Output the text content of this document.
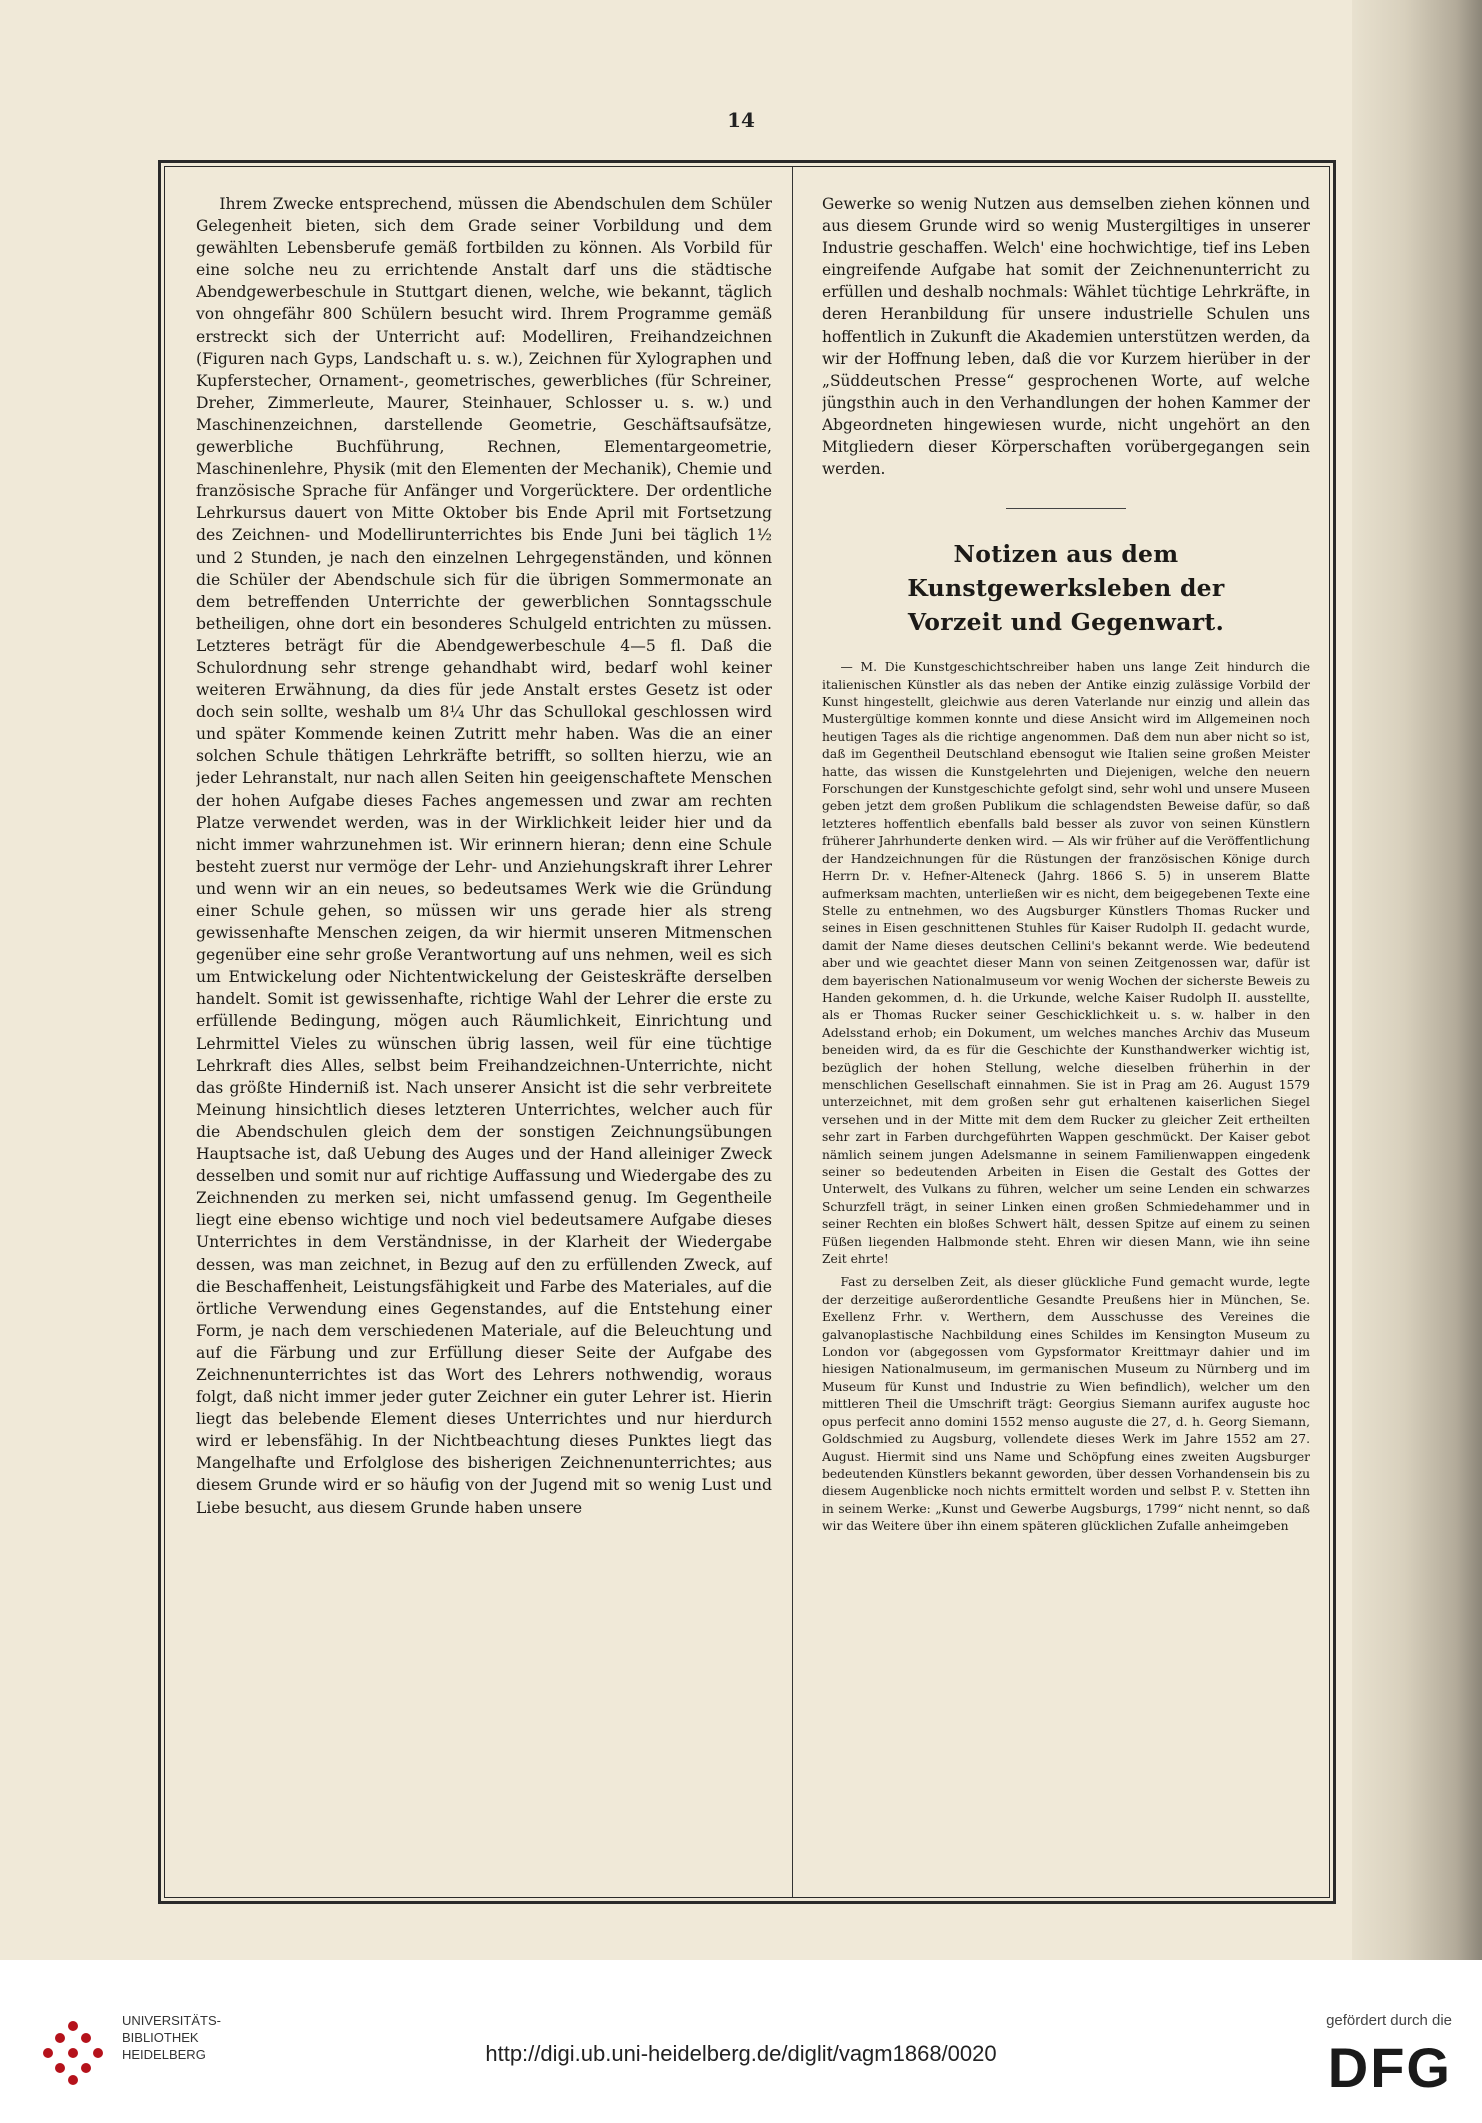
14

Ihrem Zwecke entsprechend, müssen die Abendschulen dem Schüler Gelegenheit bieten, sich dem Grade seiner Vorbildung und dem gewählten Lebensberufe gemäß fortbilden zu können. Als Vorbild für eine solche neu zu errichtende Anstalt darf uns die städtische Abendgewerbeschule in Stuttgart dienen, welche, wie bekannt, täglich von ohngefähr 800 Schülern besucht wird. Ihrem Programme gemäß erstreckt sich der Unterricht auf: Modelliren, Freihandzeichnen (Figuren nach Gyps, Landschaft u. s. w.), Zeichnen für Xylographen und Kupferstecher, Ornament-, geometrisches, gewerbliches (für Schreiner, Dreher, Zimmerleute, Maurer, Steinhauer, Schlosser u. s. w.) und Maschinenzeichnen, darstellende Geometrie, Geschäftsaufsätze, gewerbliche Buchführung, Rechnen, Elementargeometrie, Maschinenlehre, Physik (mit den Elementen der Mechanik), Chemie und französische Sprache für Anfänger und Vorgerücktere. Der ordentliche Lehrkursus dauert von Mitte Oktober bis Ende April mit Fortsetzung des Zeichnen- und Modellirunterrichtes bis Ende Juni bei täglich 1½ und 2 Stunden, je nach den einzelnen Lehrgegenständen, und können die Schüler der Abendschule sich für die übrigen Sommermonate an dem betreffenden Unterrichte der gewerblichen Sonntagsschule betheiligen, ohne dort ein besonderes Schulgeld entrichten zu müssen. Letzteres beträgt für die Abendgewerbeschule 4—5 fl. Daß die Schulordnung sehr strenge gehandhabt wird, bedarf wohl keiner weiteren Erwähnung, da dies für jede Anstalt erstes Gesetz ist oder doch sein sollte, weshalb um 8¼ Uhr das Schullokal geschlossen wird und später Kommende keinen Zutritt mehr haben. Was die an einer solchen Schule thätigen Lehrkräfte betrifft, so sollten hierzu, wie an jeder Lehranstalt, nur nach allen Seiten hin geeigenschaftete Menschen der hohen Aufgabe dieses Faches angemessen und zwar am rechten Platze verwendet werden, was in der Wirklichkeit leider hier und da nicht immer wahrzunehmen ist. Wir erinnern hieran; denn eine Schule besteht zuerst nur vermöge der Lehr- und Anziehungskraft ihrer Lehrer und wenn wir an ein neues, so bedeutsames Werk wie die Gründung einer Schule gehen, so müssen wir uns gerade hier als streng gewissenhafte Menschen zeigen, da wir hiermit unseren Mitmenschen gegenüber eine sehr große Verantwortung auf uns nehmen, weil es sich um Entwickelung oder Nichtentwickelung der Geisteskräfte derselben handelt. Somit ist gewissenhafte, richtige Wahl der Lehrer die erste zu erfüllende Bedingung, mögen auch Räumlichkeit, Einrichtung und Lehrmittel Vieles zu wünschen übrig lassen, weil für eine tüchtige Lehrkraft dies Alles, selbst beim Freihandzeichnen-Unterrichte, nicht das größte Hinderniß ist. Nach unserer Ansicht ist die sehr verbreitete Meinung hinsichtlich dieses letzteren Unterrichtes, welcher auch für die Abendschulen gleich dem der sonstigen Zeichnungsübungen Hauptsache ist, daß Uebung des Auges und der Hand alleiniger Zweck desselben und somit nur auf richtige Auffassung und Wiedergabe des zu Zeichnenden zu merken sei, nicht umfassend genug. Im Gegentheile liegt eine ebenso wichtige und noch viel bedeutsamere Aufgabe dieses Unterrichtes in dem Verständnisse, in der Klarheit der Wiedergabe dessen, was man zeichnet, in Bezug auf den zu erfüllenden Zweck, auf die Beschaffenheit, Leistungsfähigkeit und Farbe des Materiales, auf die örtliche Verwendung eines Gegenstandes, auf die Entstehung einer Form, je nach dem verschiedenen Materiale, auf die Beleuchtung und auf die Färbung und zur Erfüllung dieser Seite der Aufgabe des Zeichnenunterrichtes ist das Wort des Lehrers nothwendig, woraus folgt, daß nicht immer jeder guter Zeichner ein guter Lehrer ist. Hierin liegt das belebende Element dieses Unterrichtes und nur hierdurch wird er lebensfähig. In der Nichtbeachtung dieses Punktes liegt das Mangelhafte und Erfolglose des bisherigen Zeichnenunterrichtes; aus diesem Grunde wird er so häufig von der Jugend mit so wenig Lust und Liebe besucht, aus diesem Grunde haben unsere

Gewerke so wenig Nutzen aus demselben ziehen können und aus diesem Grunde wird so wenig Mustergiltiges in unserer Industrie geschaffen. Welch' eine hochwichtige, tief ins Leben eingreifende Aufgabe hat somit der Zeichnenunterricht zu erfüllen und deshalb nochmals: Wählet tüchtige Lehrkräfte, in deren Heranbildung für unsere industrielle Schulen uns hoffentlich in Zukunft die Akademien unterstützen werden, da wir der Hoffnung leben, daß die vor Kurzem hierüber in der „Süddeutschen Presse“ gesprochenen Worte, auf welche jüngsthin auch in den Verhandlungen der hohen Kammer der Abgeordneten hingewiesen wurde, nicht ungehört an den Mitgliedern dieser Körperschaften vorübergegangen sein werden.

Notizen aus dem Kunstgewerksleben der
Vorzeit und Gegenwart.

— M. Die Kunstgeschichtschreiber haben uns lange Zeit hindurch die italienischen Künstler als das neben der Antike einzig zulässige Vorbild der Kunst hingestellt, gleichwie aus deren Vaterlande nur einzig und allein das Mustergültige kommen konnte und diese Ansicht wird im Allgemeinen noch heutigen Tages als die richtige angenommen. Daß dem nun aber nicht so ist, daß im Gegentheil Deutschland ebensogut wie Italien seine großen Meister hatte, das wissen die Kunstgelehrten und Diejenigen, welche den neuern Forschungen der Kunstgeschichte gefolgt sind, sehr wohl und unsere Museen geben jetzt dem großen Publikum die schlagendsten Beweise dafür, so daß letzteres hoffentlich ebenfalls bald besser als zuvor von seinen Künstlern früherer Jahrhunderte denken wird. — Als wir früher auf die Veröffentlichung der Handzeichnungen für die Rüstungen der französischen Könige durch Herrn Dr. v. Hefner-Alteneck (Jahrg. 1866 S. 5) in unserem Blatte aufmerksam machten, unterließen wir es nicht, dem beigegebenen Texte eine Stelle zu entnehmen, wo des Augsburger Künstlers Thomas Rucker und seines in Eisen geschnittenen Stuhles für Kaiser Rudolph II. gedacht wurde, damit der Name dieses deutschen Cellini's bekannt werde. Wie bedeutend aber und wie geachtet dieser Mann von seinen Zeitgenossen war, dafür ist dem bayerischen Nationalmuseum vor wenig Wochen der sicherste Beweis zu Handen gekommen, d. h. die Urkunde, welche Kaiser Rudolph II. ausstellte, als er Thomas Rucker seiner Geschicklichkeit u. s. w. halber in den Adelsstand erhob; ein Dokument, um welches manches Archiv das Museum beneiden wird, da es für die Geschichte der Kunsthandwerker wichtig ist, bezüglich der hohen Stellung, welche dieselben früherhin in der menschlichen Gesellschaft einnahmen. Sie ist in Prag am 26. August 1579 unterzeichnet, mit dem großen sehr gut erhaltenen kaiserlichen Siegel versehen und in der Mitte mit dem dem Rucker zu gleicher Zeit ertheilten sehr zart in Farben durchgeführten Wappen geschmückt. Der Kaiser gebot nämlich seinem jungen Adelsmanne in seinem Familienwappen eingedenk seiner so bedeutenden Arbeiten in Eisen die Gestalt des Gottes der Unterwelt, des Vulkans zu führen, welcher um seine Lenden ein schwarzes Schurzfell trägt, in seiner Linken einen großen Schmiedehammer und in seiner Rechten ein bloßes Schwert hält, dessen Spitze auf einem zu seinen Füßen liegenden Halbmonde steht. Ehren wir diesen Mann, wie ihn seine Zeit ehrte!

Fast zu derselben Zeit, als dieser glückliche Fund gemacht wurde, legte der derzeitige außerordentliche Gesandte Preußens hier in München, Se. Exellenz Frhr. v. Werthern, dem Ausschusse des Vereines die galvanoplastische Nachbildung eines Schildes im Kensington Museum zu London vor (abgegossen vom Gypsformator Kreittmayr dahier und im hiesigen Nationalmuseum, im germanischen Museum zu Nürnberg und im Museum für Kunst und Industrie zu Wien befindlich), welcher um den mittleren Theil die Umschrift trägt: Georgius Siemann aurifex auguste hoc opus perfecit anno domini 1552 menso auguste die 27, d. h. Georg Siemann, Goldschmied zu Augsburg, vollendete dieses Werk im Jahre 1552 am 27. August. Hiermit sind uns Name und Schöpfung eines zweiten Augsburger bedeutenden Künstlers bekannt geworden, über dessen Vorhandensein bis zu diesem Augenblicke noch nichts ermittelt worden und selbst P. v. Stetten ihn in seinem Werke: „Kunst und Gewerbe Augsburgs, 1799“ nicht nennt, so daß wir das Weitere über ihn einem späteren glücklichen Zufalle anheimgeben

UNIVERSITÄTS-
BIBLIOTHEK
HEIDELBERG	http://digi.ub.uni-heidelberg.de/diglit/vagm1868/0020
gefördert durch die
DFG
